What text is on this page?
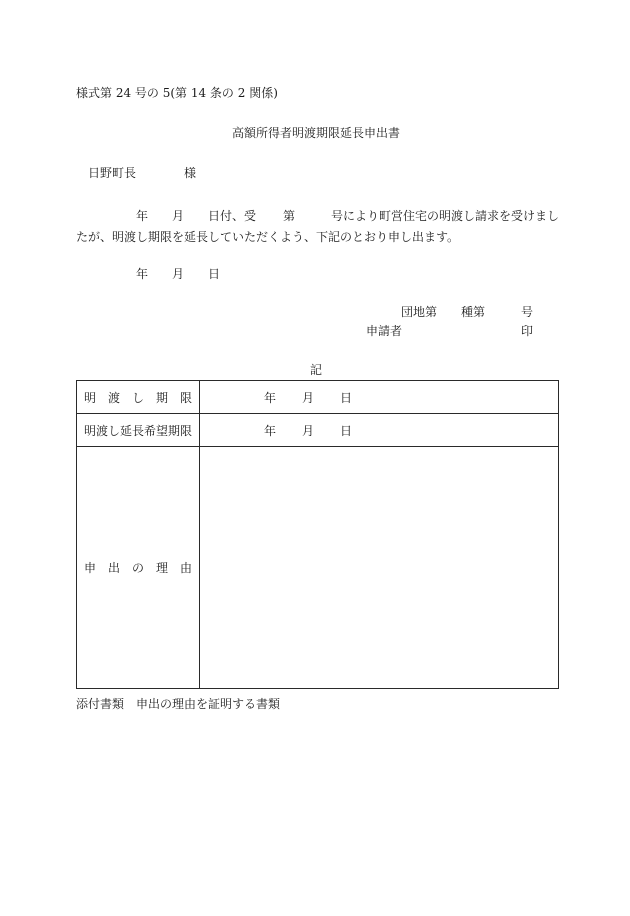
様式第 24 号の 5(第 14 条の 2 関係)
高額所得者明渡期限延長申出書
日野町長	様
年 月 日付、受 第	号により町営住宅の明渡し請求を受けまし
たが、明渡し期限を延長していただくよう、下記のとおり申し出ます。
年 月 日
団地第 種第	号
申請者	印
記
明 渡 し 期 限	年 月 日
明渡し延長希望期限	年 月 日

申 出 の 理 由	

添付書類　申出の理由を証明する書類
